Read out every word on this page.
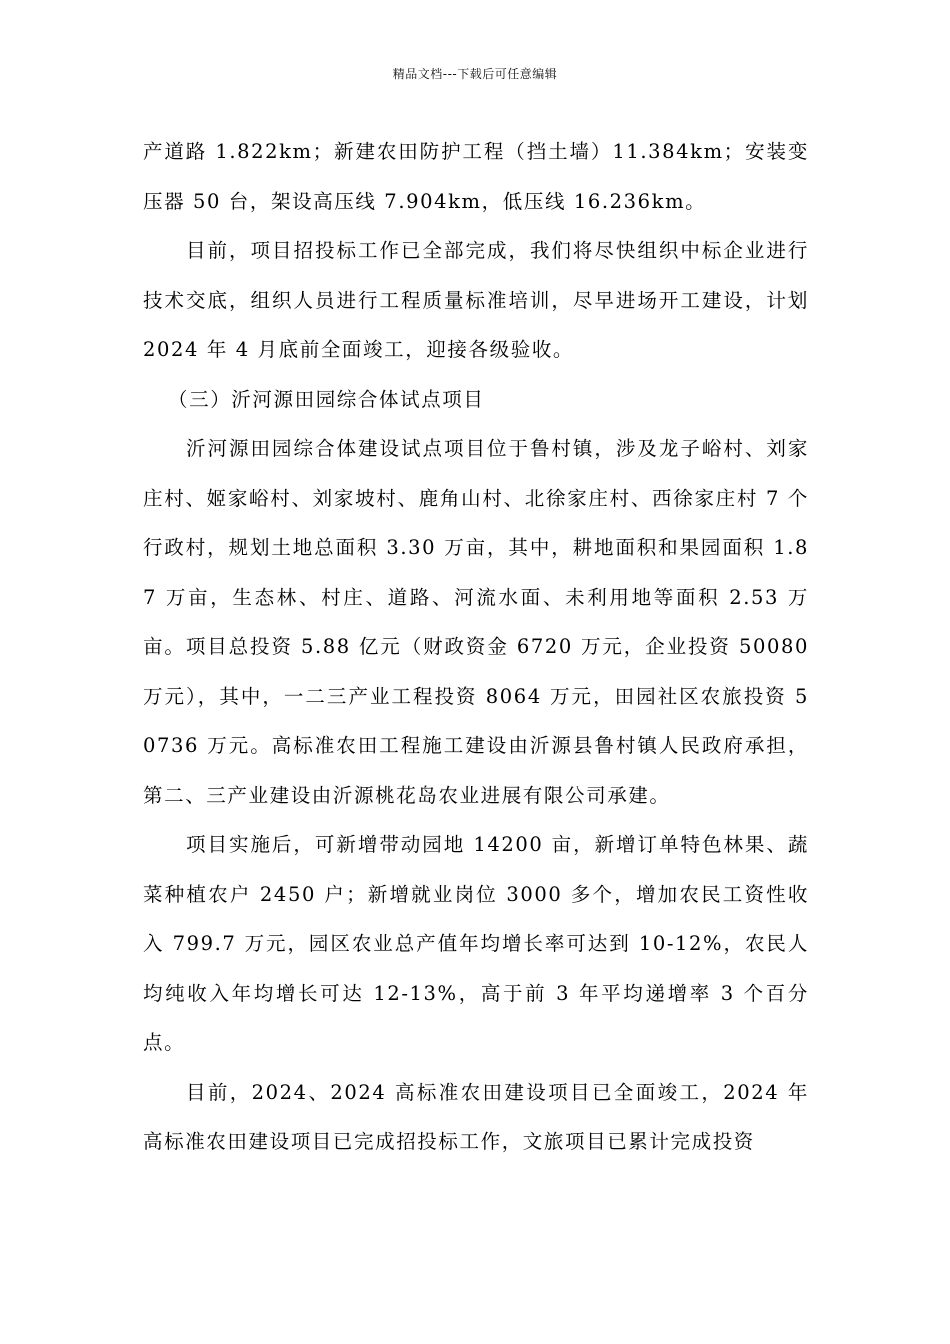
精品文档---下载后可任意编辑

产道路 1.822km；新建农田防护工程（挡土墙）11.384km；安装变压器 50 台，架设高压线 7.904km，低压线 16.236km。

目前，项目招投标工作已全部完成，我们将尽快组织中标企业进行技术交底，组织人员进行工程质量标准培训，尽早进场开工建设，计划 2024 年 4 月底前全面竣工，迎接各级验收。

（三）沂河源田园综合体试点项目

沂河源田园综合体建设试点项目位于鲁村镇，涉及龙子峪村、刘家庄村、姬家峪村、刘家坡村、鹿角山村、北徐家庄村、西徐家庄村 7 个行政村，规划土地总面积 3.30 万亩，其中，耕地面积和果园面积 1.87 万亩，生态林、村庄、道路、河流水面、未利用地等面积 2.53 万亩。项目总投资 5.88 亿元（财政资金 6720 万元，企业投资 50080 万元），其中，一二三产业工程投资 8064 万元，田园社区农旅投资 50736 万元。高标准农田工程施工建设由沂源县鲁村镇人民政府承担，第二、三产业建设由沂源桃花岛农业进展有限公司承建。

项目实施后，可新增带动园地 14200 亩，新增订单特色林果、蔬菜种植农户 2450 户；新增就业岗位 3000 多个，增加农民工资性收入 799.7 万元，园区农业总产值年均增长率可达到 10-12%，农民人均纯收入年均增长可达 12-13%，高于前 3 年平均递增率 3 个百分点。

目前，2024、2024 高标准农田建设项目已全面竣工，2024 年高标准农田建设项目已完成招投标工作，文旅项目已累计完成投资
